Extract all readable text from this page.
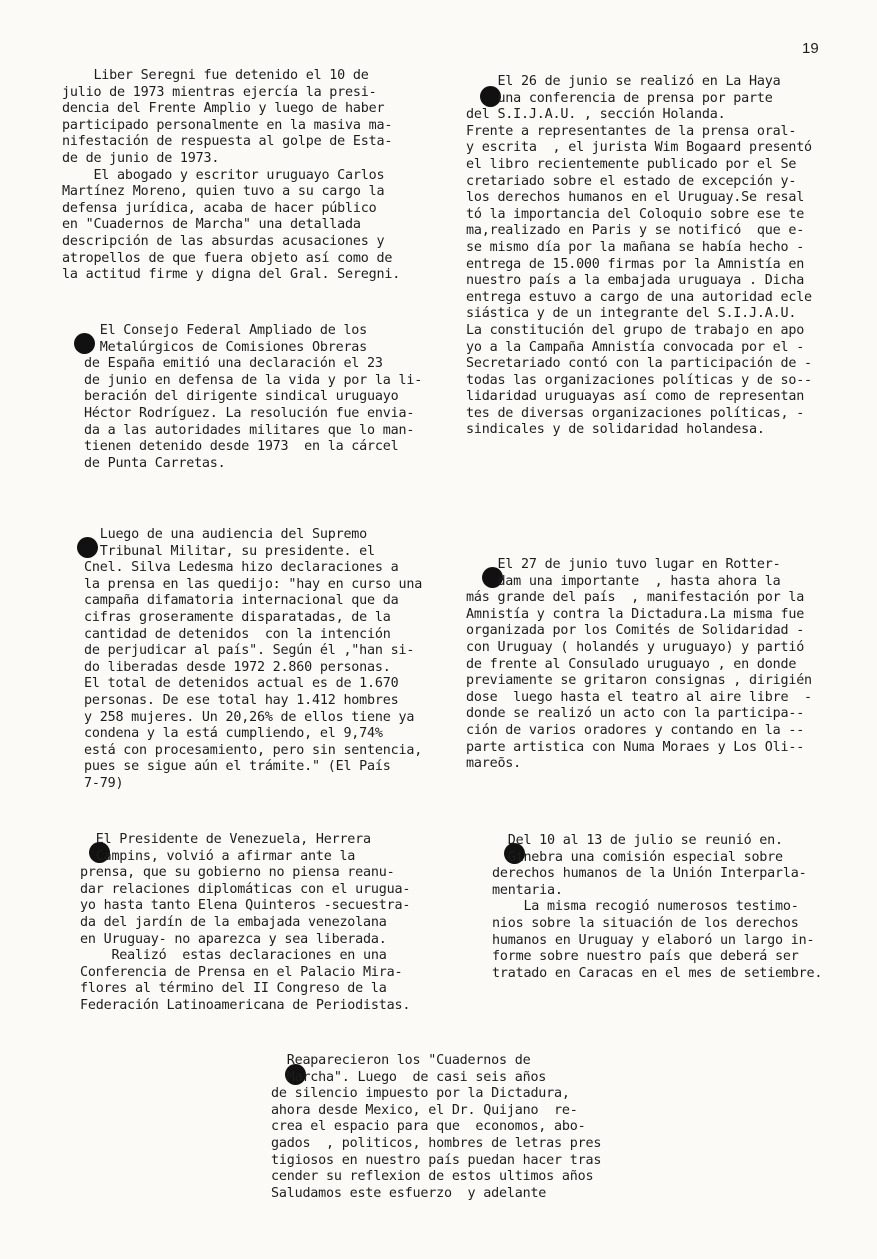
19
Liber Seregni fue detenido el 10 de
julio de 1973 mientras ejercía la presi-
dencia del Frente Amplio y luego de haber
participado personalmente en la masiva ma-
nifestación de respuesta al golpe de Esta-
de de junio de 1973.
El abogado y escritor uruguayo Carlos
Martínez Moreno, quien tuvo a su cargo la
defensa jurídica, acaba de hacer público
en "Cuadernos de Marcha" una detallada
descripción de las absurdas acusaciones y
atropellos de que fuera objeto así como de
la actitud firme y digna del Gral. Seregni.
El Consejo Federal Ampliado de los
Metalúrgicos de Comisiones Obreras
de España emitió una declaración el 23
de junio en defensa de la vida y por la li-
beración del dirigente sindical uruguayo
Héctor Rodríguez. La resolución fue envia-
da a las autoridades militares que lo man-
tienen detenido desde 1973  en la cárcel
de Punta Carretas.
Luego de una audiencia del Supremo
Tribunal Militar, su presidente. el
Cnel. Silva Ledesma hizo declaraciones a
la prensa en las quedijo: "hay en curso una
campaña difamatoria internacional que da
cifras groseramente disparatadas, de la
cantidad de detenidos  con la intención
de perjudicar al país". Según él ,"han si-
do liberadas desde 1972 2.860 personas.
El total de detenidos actual es de 1.670
personas. De ese total hay 1.412 hombres
y 258 mujeres. Un 20,26% de ellos tiene ya
condena y la está cumpliendo, el 9,74%
está con procesamiento, pero sin sentencia,
pues se sigue aún el trámite." (El País
7-79)
El Presidente de Venezuela, Herrera
Campins, volvió a afirmar ante la
prensa, que su gobierno no piensa reanu-
dar relaciones diplomáticas con el urugua-
yo hasta tanto Elena Quinteros -secuestra-
da del jardín de la embajada venezolana
en Uruguay- no aparezca y sea liberada.
Realizó  estas declaraciones en una
Conferencia de Prensa en el Palacio Mira-
flores al término del II Congreso de la
Federación Latinoamericana de Periodistas.
El 26 de junio se realizó en La Haya
una conferencia de prensa por parte
del S.I.J.A.U. , sección Holanda.
Frente a representantes de la prensa oral-
y escrita  , el jurista Wim Bogaard presentó
el libro recientemente publicado por el Se
cretariado sobre el estado de excepción y-
los derechos humanos en el Uruguay.Se resal
tó la importancia del Coloquio sobre ese te
ma,realizado en Paris y se notificó  que e-
se mismo día por la mañana se había hecho -
entrega de 15.000 firmas por la Amnistía en
nuestro país a la embajada uruguaya . Dicha
entrega estuvo a cargo de una autoridad ecle
siástica y de un integrante del S.I.J.A.U.
La constitución del grupo de trabajo en apo
yo a la Campaña Amnistía convocada por el -
Secretariado contó con la participación de -
todas las organizaciones políticas y de so--
lidaridad uruguayas así como de representan
tes de diversas organizaciones políticas, -
sindicales y de solidaridad holandesa.
El 27 de junio tuvo lugar en Rotter-
dam una importante  , hasta ahora la
más grande del país  , manifestación por la
Amnistía y contra la Dictadura.La misma fue
organizada por los Comités de Solidaridad -
con Uruguay ( holandés y uruguayo) y partió
de frente al Consulado uruguayo , en donde
previamente se gritaron consignas , dirigién
dose  luego hasta el teatro al aire libre  -
donde se realizó un acto con la participa--
ción de varios oradores y contando en la --
parte artistica con Numa Moraes y Los Oli--
mareõs.
Del 10 al 13 de julio se reunió en.
Ginebra una comisión especial sobre
derechos humanos de la Unión Interparla-
mentaria.
La misma recogió numerosos testimo-
nios sobre la situación de los derechos
humanos en Uruguay y elaboró un largo in-
forme sobre nuestro país que deberá ser
tratado en Caracas en el mes de setiembre.
Reaparecieron los "Cuadernos de
Marcha". Luego  de casi seis años
de silencio impuesto por la Dictadura,
ahora desde Mexico, el Dr. Quijano  re-
crea el espacio para que  economos, abo-
gados  , politicos, hombres de letras pres
tigiosos en nuestro país puedan hacer tras
cender su reflexion de estos ultimos años
Saludamos este esfuerzo  y adelante
